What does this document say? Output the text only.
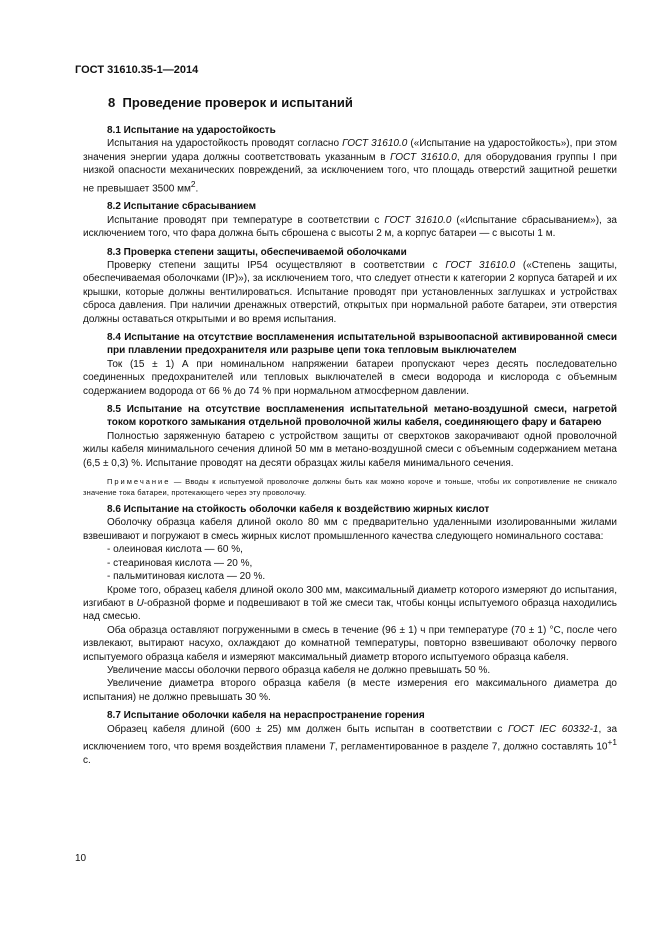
ГОСТ 31610.35-1—2014
8 Проведение проверок и испытаний

8.1 Испытание на ударостойкость

Испытания на ударостойкость проводят согласно ГОСТ 31610.0 («Испытание на ударостойкость»), при этом значения энергии удара должны соответствовать указанным в ГОСТ 31610.0, для оборудования группы I при низкой опасности механических повреждений, за исключением того, что площадь отверстий защитной решетки не превышает 3500 $мм^2$.

8.2 Испытание сбрасыванием

Испытание проводят при температуре в соответствии с ГОСТ 31610.0 («Испытание сбрасыванием»), за исключением того, что фара должна быть сброшена с высоты 2 м, а корпус батареи — с высоты 1 м.

8.3 Проверка степени защиты, обеспечиваемой оболочками

Проверку степени защиты IP54 осуществляют в соответствии с ГОСТ 31610.0 («Степень защиты, обеспечиваемая оболочками (IP)»), за исключением того, что следует отнести к категории 2 корпуса батарей и их крышки, которые должны вентилироваться. Испытание проводят при установленных заглушках и устройствах сброса давления. При наличии дренажных отверстий, открытых при нормальной работе батареи, эти отверстия должны оставаться открытыми и во время испытания.

8.4 Испытание на отсутствие воспламенения испытательной взрывоопасной активированной смеси при плавлении предохранителя или разрыве цепи тока тепловым выключателем

Ток (15 ± 1) А при номинальном напряжении батареи пропускают через десять последовательно соединенных предохранителей или тепловых выключателей в смеси водорода и кислорода с объемным содержанием водорода от 66 % до 74 % при нормальном атмосферном давлении.

8.5 Испытание на отсутствие воспламенения испытательной метано-воздушной смеси, нагретой током короткого замыкания отдельной проволочной жилы кабеля, соединяющего фару и батарею

Полностью заряженную батарею с устройством защиты от сверхтоков закорачивают одной проволочной жилы кабеля минимального сечения длиной 50 мм в метано-воздушной смеси с объемным содержанием метана (6,5 ± 0,3) %. Испытание проводят на десяти образцах жилы кабеля минимального сечения.

Примечание — Вводы к испытуемой проволочке должны быть как можно короче и тоньше, чтобы их сопротивление не снижало значение тока батареи, протекающего через эту проволочку.

8.6 Испытание на стойкость оболочки кабеля к воздействию жирных кислот

Оболочку образца кабеля длиной около 80 мм с предварительно удаленными изолированными жилами взвешивают и погружают в смесь жирных кислот промышленного качества следующего номинального состава:

- олеиновая кислота — 60 %,

- стеариновая кислота — 20 %,

- пальмитиновая кислота — 20 %.

Кроме того, образец кабеля длиной около 300 мм, максимальный диаметр которого измеряют до испытания, изгибают в U-образной форме и подвешивают в той же смеси так, чтобы концы испытуемого образца находились над смесью.

Оба образца оставляют погруженными в смесь в течение (96 ± 1) ч при температуре (70 ± 1) °С, после чего извлекают, вытирают насухо, охлаждают до комнатной температуры, повторно взвешивают оболочку первого испытуемого образца кабеля и измеряют максимальный диаметр второго испытуемого образца кабеля.

Увеличение массы оболочки первого образца кабеля не должно превышать 50 %.

Увеличение диаметра второго образца кабеля (в месте измерения его максимального диаметра до испытания) не должно превышать 30 %.

8.7 Испытание оболочки кабеля на нераспространение горения

Образец кабеля длиной (600 ± 25) мм должен быть испытан в соответствии с ГОСТ IEC 60332-1, за исключением того, что время воздействия пламени T, регламентированное в разделе 7, должно составлять $10^{+1}$ с.

10
